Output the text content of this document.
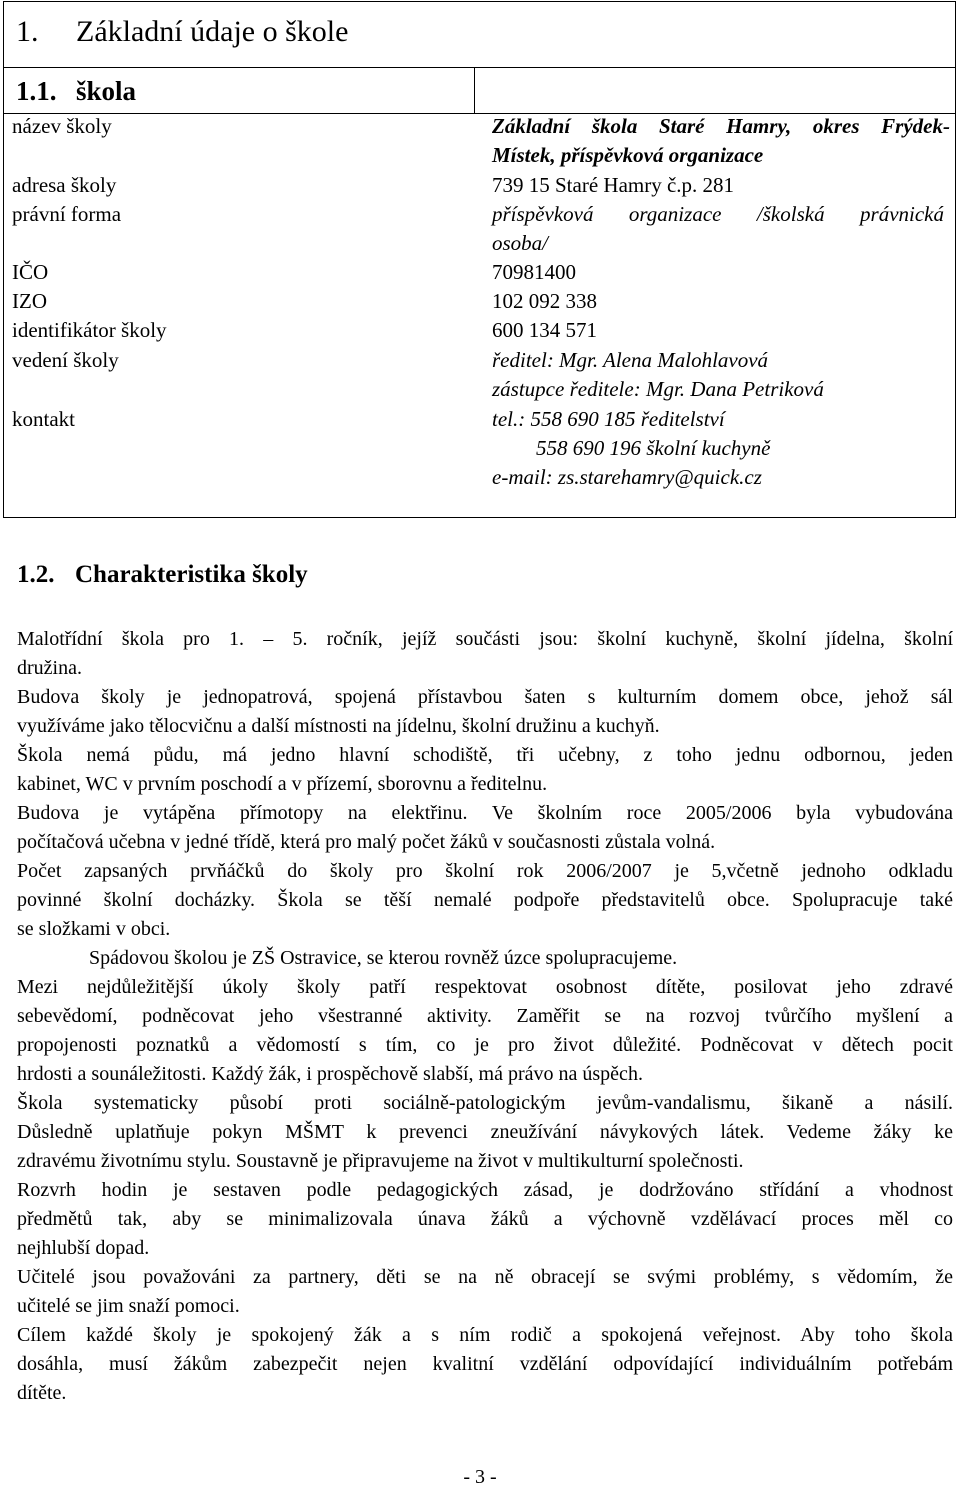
1. Základní údaje o škole
1.1. škola
název školy	Základní škola Staré Hamry, okres Frýdek-
Místek, příspěvková organizace
adresa školy	739 15 Staré Hamry č.p. 281
právní forma	příspěvková organizace /školská právnická
osoba/
IČO	70981400
IZO	102 092 338
identifikátor školy	600 134 571
vedení školy	ředitel: Mgr. Alena Malohlavová
zástupce ředitele: Mgr. Dana Petriková
kontakt	tel.: 558 690 185 ředitelství
558 690 196 školní kuchyně
e-mail: zs.starehamry@quick.cz
1.2. Charakteristika školy
Malotřídní škola pro 1. – 5. ročník, jejíž součásti jsou: školní kuchyně, školní jídelna, školní
družina.
Budova školy je jednopatrová, spojená přístavbou šaten s kulturním domem obce, jehož sál
využíváme jako tělocvičnu a další místnosti na jídelnu, školní družinu a kuchyň.
Škola nemá půdu, má jedno hlavní schodiště, tři učebny, z toho jednu odbornou, jeden
kabinet, WC v prvním poschodí a v přízemí, sborovnu a ředitelnu.
Budova je vytápěna přímotopy na elektřinu. Ve školním roce 2005/2006 byla vybudována
počítačová učebna v jedné třídě, která pro malý počet žáků v současnosti zůstala volná.
Počet zapsaných prvňáčků do školy pro školní rok 2006/2007 je 5,včetně jednoho odkladu
povinné školní docházky. Škola se těší nemalé podpoře představitelů obce. Spolupracuje také
se složkami v obci.
Spádovou školou je ZŠ Ostravice, se kterou rovněž úzce spolupracujeme.
Mezi nejdůležitější úkoly školy patří respektovat osobnost dítěte, posilovat jeho zdravé
sebevědomí, podněcovat jeho všestranné aktivity. Zaměřit se na rozvoj tvůrčího myšlení a
propojenosti poznatků a vědomostí s tím, co je pro život důležité. Podněcovat v dětech pocit
hrdosti a sounáležitosti. Každý žák, i prospěchově slabší, má právo na úspěch.
Škola systematicky působí proti sociálně-patologickým jevům-vandalismu, šikaně a násilí.
Důsledně uplatňuje pokyn MŠMT k prevenci zneužívání návykových látek. Vedeme žáky ke
zdravému životnímu stylu. Soustavně je připravujeme na život v multikulturní společnosti.
Rozvrh hodin je sestaven podle pedagogických zásad, je dodržováno střídání a vhodnost
předmětů tak, aby se minimalizovala únava žáků a výchovně vzdělávací proces měl co
nejhlubší dopad.
Učitelé jsou považováni za partnery, děti se na ně obracejí se svými problémy, s vědomím, že
učitelé se jim snaží pomoci.
Cílem každé školy je spokojený žák a s ním rodič a spokojená veřejnost. Aby toho škola
dosáhla, musí žákům zabezpečit nejen kvalitní vzdělání odpovídající individuálním potřebám
dítěte.
- 3 -
